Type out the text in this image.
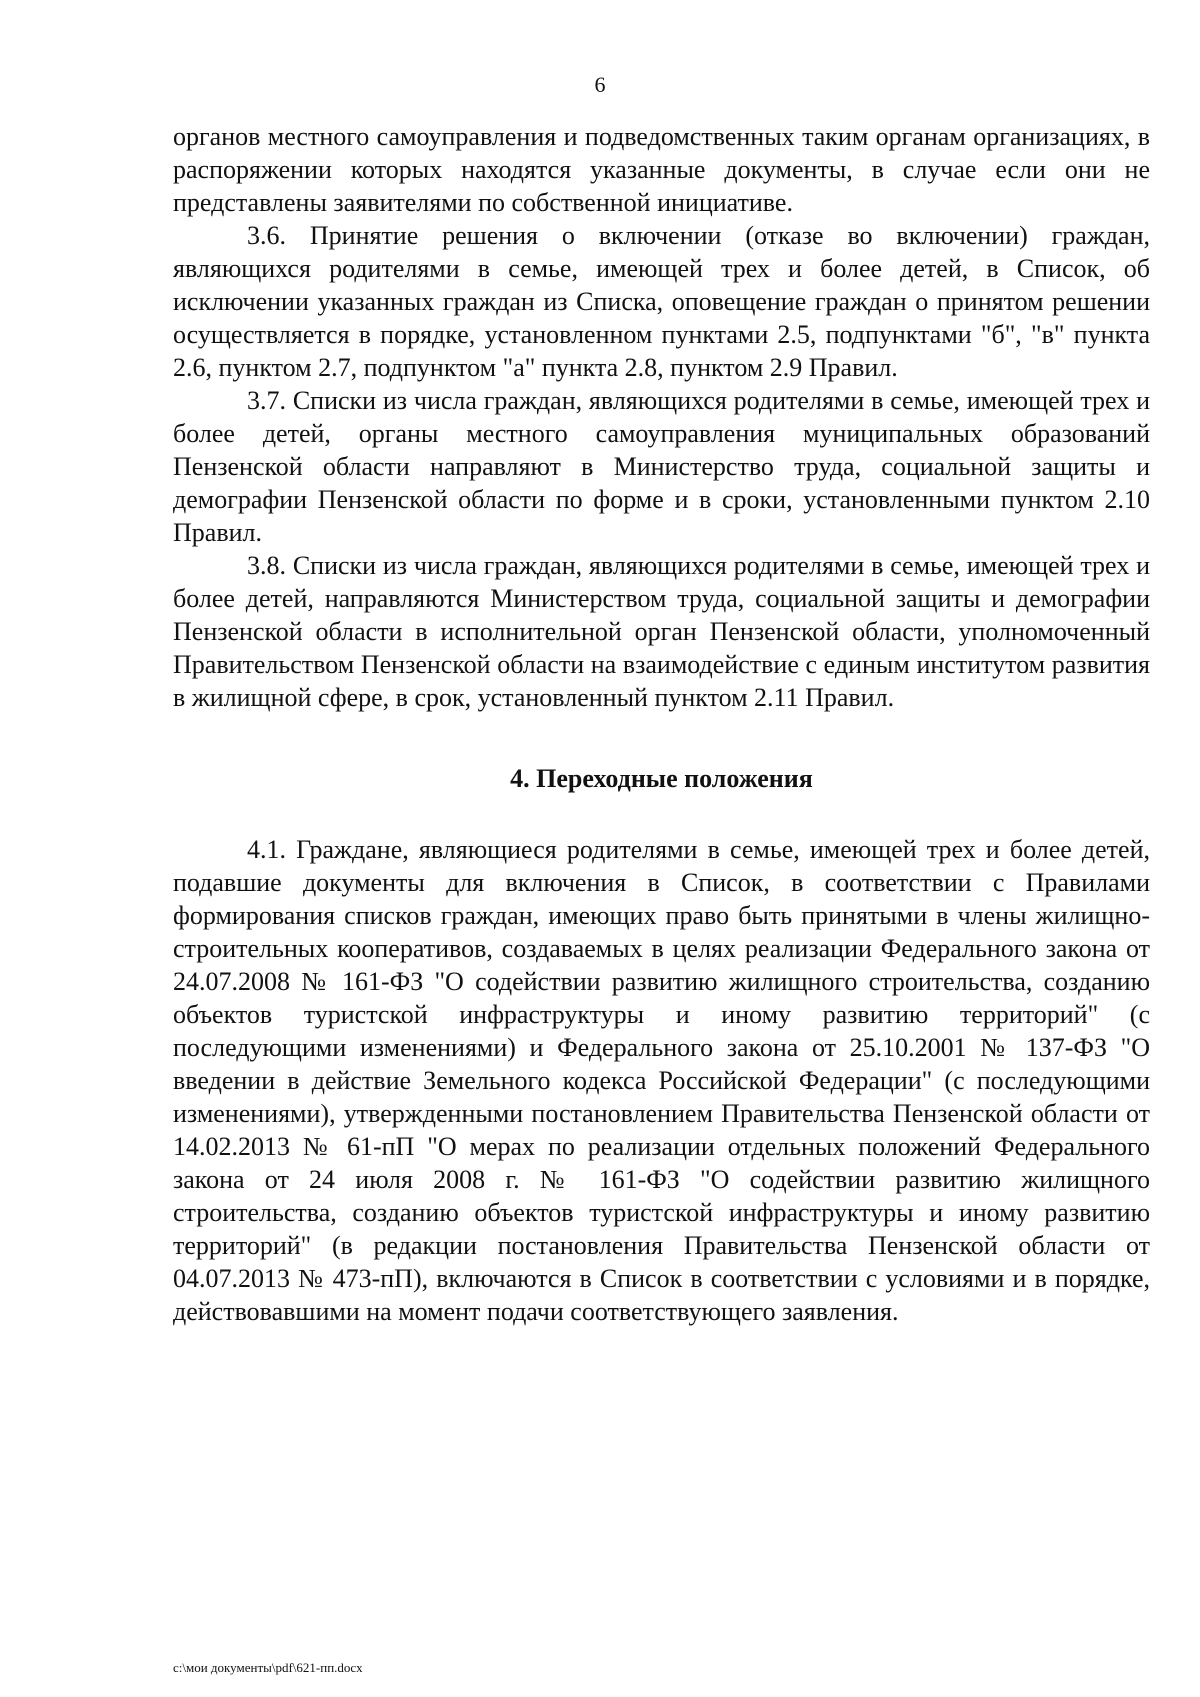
6

органов местного самоуправления и подведомственных таким органам организациях, в распоряжении которых находятся указанные документы, в случае если они не представлены заявителями по собственной инициативе.

3.6. Принятие решения о включении (отказе во включении) граждан, являющихся родителями в семье, имеющей трех и более детей, в Список, об исключении указанных граждан из Списка, оповещение граждан о принятом решении осуществляется в порядке, установленном пунктами 2.5, подпунктами "б", "в" пункта 2.6, пунктом 2.7, подпунктом "а" пункта 2.8, пунктом 2.9 Правил.

3.7. Списки из числа граждан, являющихся родителями в семье, имеющей трех и более детей, органы местного самоуправления муниципальных образований Пензенской области направляют в Министерство труда, социальной защиты и демографии Пензенской области по форме и в сроки, установленными пунктом 2.10 Правил.

3.8. Списки из числа граждан, являющихся родителями в семье, имеющей трех и более детей, направляются Министерством труда, социальной защиты и демографии Пензенской области в исполнительной орган Пензенской области, уполномоченный Правительством Пензенской области на взаимодействие с единым институтом развития в жилищной сфере, в срок, установленный пунктом 2.11 Правил.

4. Переходные положения

4.1. Граждане, являющиеся родителями в семье, имеющей трех и более детей, подавшие документы для включения в Список, в соответствии с Правилами формирования списков граждан, имеющих право быть принятыми в члены жилищно-строительных кооперативов, создаваемых в целях реализации Федерального закона от 24.07.2008 № 161-ФЗ "О содействии развитию жилищного строительства, созданию объектов туристской инфраструктуры и иному развитию территорий" (с последующими изменениями) и Федерального закона от 25.10.2001 № 137-ФЗ "О введении в действие Земельного кодекса Российской Федерации" (с последующими изменениями), утвержденными постановлением Правительства Пензенской области от 14.02.2013 № 61-пП "О мерах по реализации отдельных положений Федерального закона от 24 июля 2008 г. № 161-ФЗ "О содействии развитию жилищного строительства, созданию объектов туристской инфраструктуры и иному развитию территорий" (в редакции постановления Правительства Пензенской области от 04.07.2013 № 473-пП), включаются в Список в соответствии с условиями и в порядке, действовавшими на момент подачи соответствующего заявления.

c:\мои документы\pdf\621-пп.docx
